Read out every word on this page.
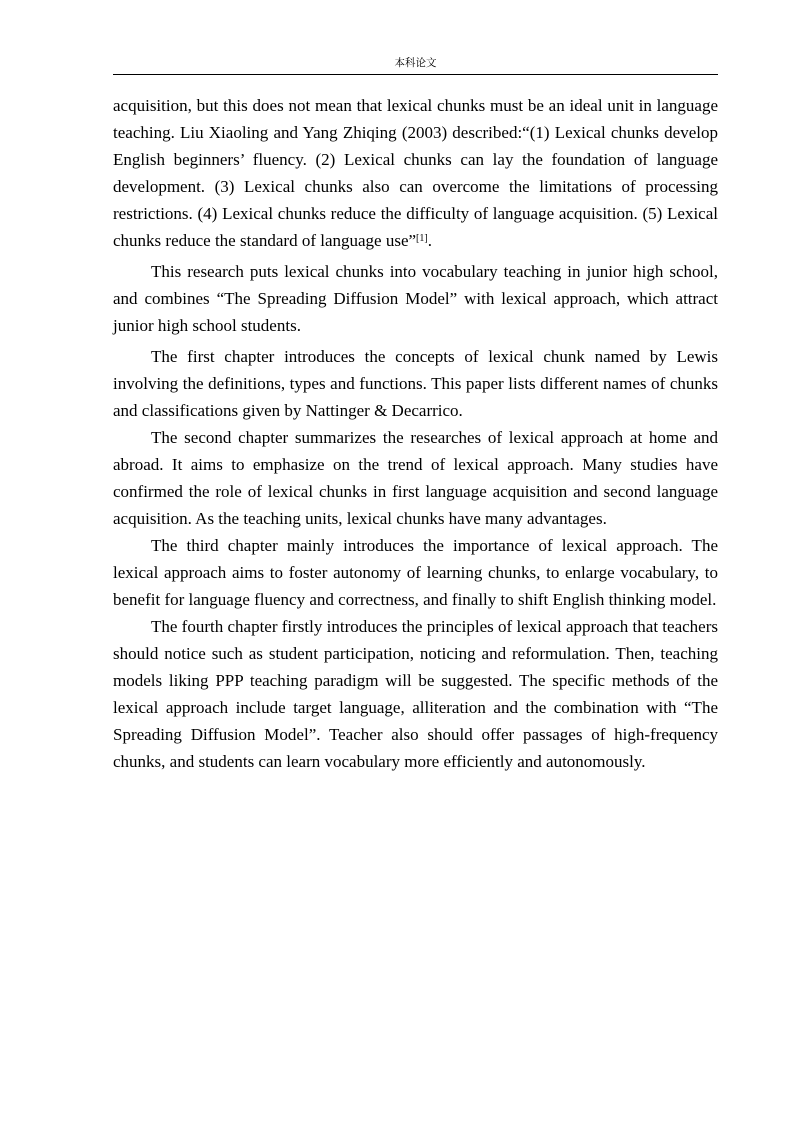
本科论文

acquisition, but this does not mean that lexical chunks must be an ideal unit in language teaching. Liu Xiaoling and Yang Zhiqing (2003) described:“(1) Lexical chunks develop English beginners’ fluency. (2) Lexical chunks can lay the foundation of language development. (3) Lexical chunks also can overcome the limitations of processing restrictions. (4) Lexical chunks reduce the difficulty of language acquisition. (5) Lexical chunks reduce the standard of language use”[1].

This research puts lexical chunks into vocabulary teaching in junior high school, and combines “The Spreading Diffusion Model” with lexical approach, which attract junior high school students.

The first chapter introduces the concepts of lexical chunk named by Lewis involving the definitions, types and functions. This paper lists different names of chunks and classifications given by Nattinger & Decarrico.

The second chapter summarizes the researches of lexical approach at home and abroad. It aims to emphasize on the trend of lexical approach. Many studies have confirmed the role of lexical chunks in first language acquisition and second language acquisition. As the teaching units, lexical chunks have many advantages.

The third chapter mainly introduces the importance of lexical approach. The lexical approach aims to foster autonomy of learning chunks, to enlarge vocabulary, to benefit for language fluency and correctness, and finally to shift English thinking model.

The fourth chapter firstly introduces the principles of lexical approach that teachers should notice such as student participation, noticing and reformulation. Then, teaching models liking PPP teaching paradigm will be suggested. The specific methods of the lexical approach include target language, alliteration and the combination with “The Spreading Diffusion Model”. Teacher also should offer passages of high-frequency chunks, and students can learn vocabulary more efficiently and autonomously.
